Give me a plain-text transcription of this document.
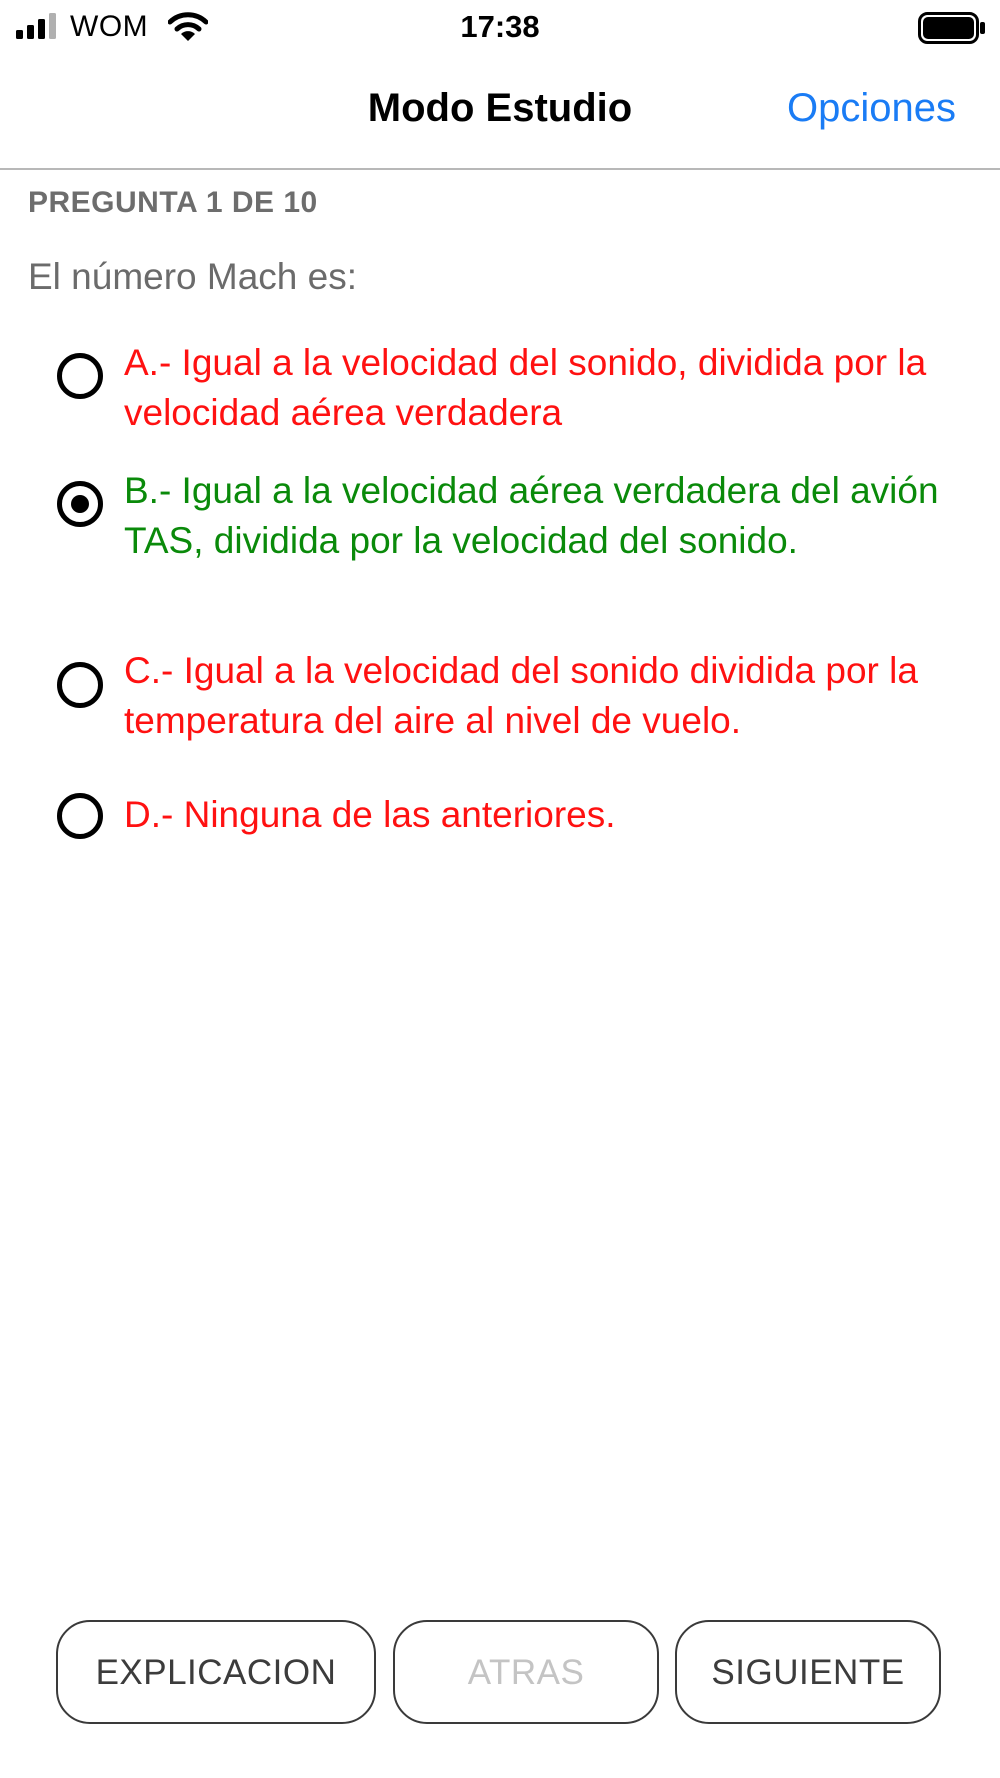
WOM	17:38
Modo Estudio	Opciones
PREGUNTA 1 DE 10
El número Mach es:
A.- Igual a la velocidad del sonido, dividida por la velocidad aérea verdadera
B.- Igual a la velocidad aérea verdadera del avión TAS, dividida por la velocidad del sonido.
C.- Igual a la velocidad del sonido dividida por la temperatura del aire al nivel de vuelo.
D.- Ninguna de las anteriores.
EXPLICACION	ATRAS	SIGUIENTE
